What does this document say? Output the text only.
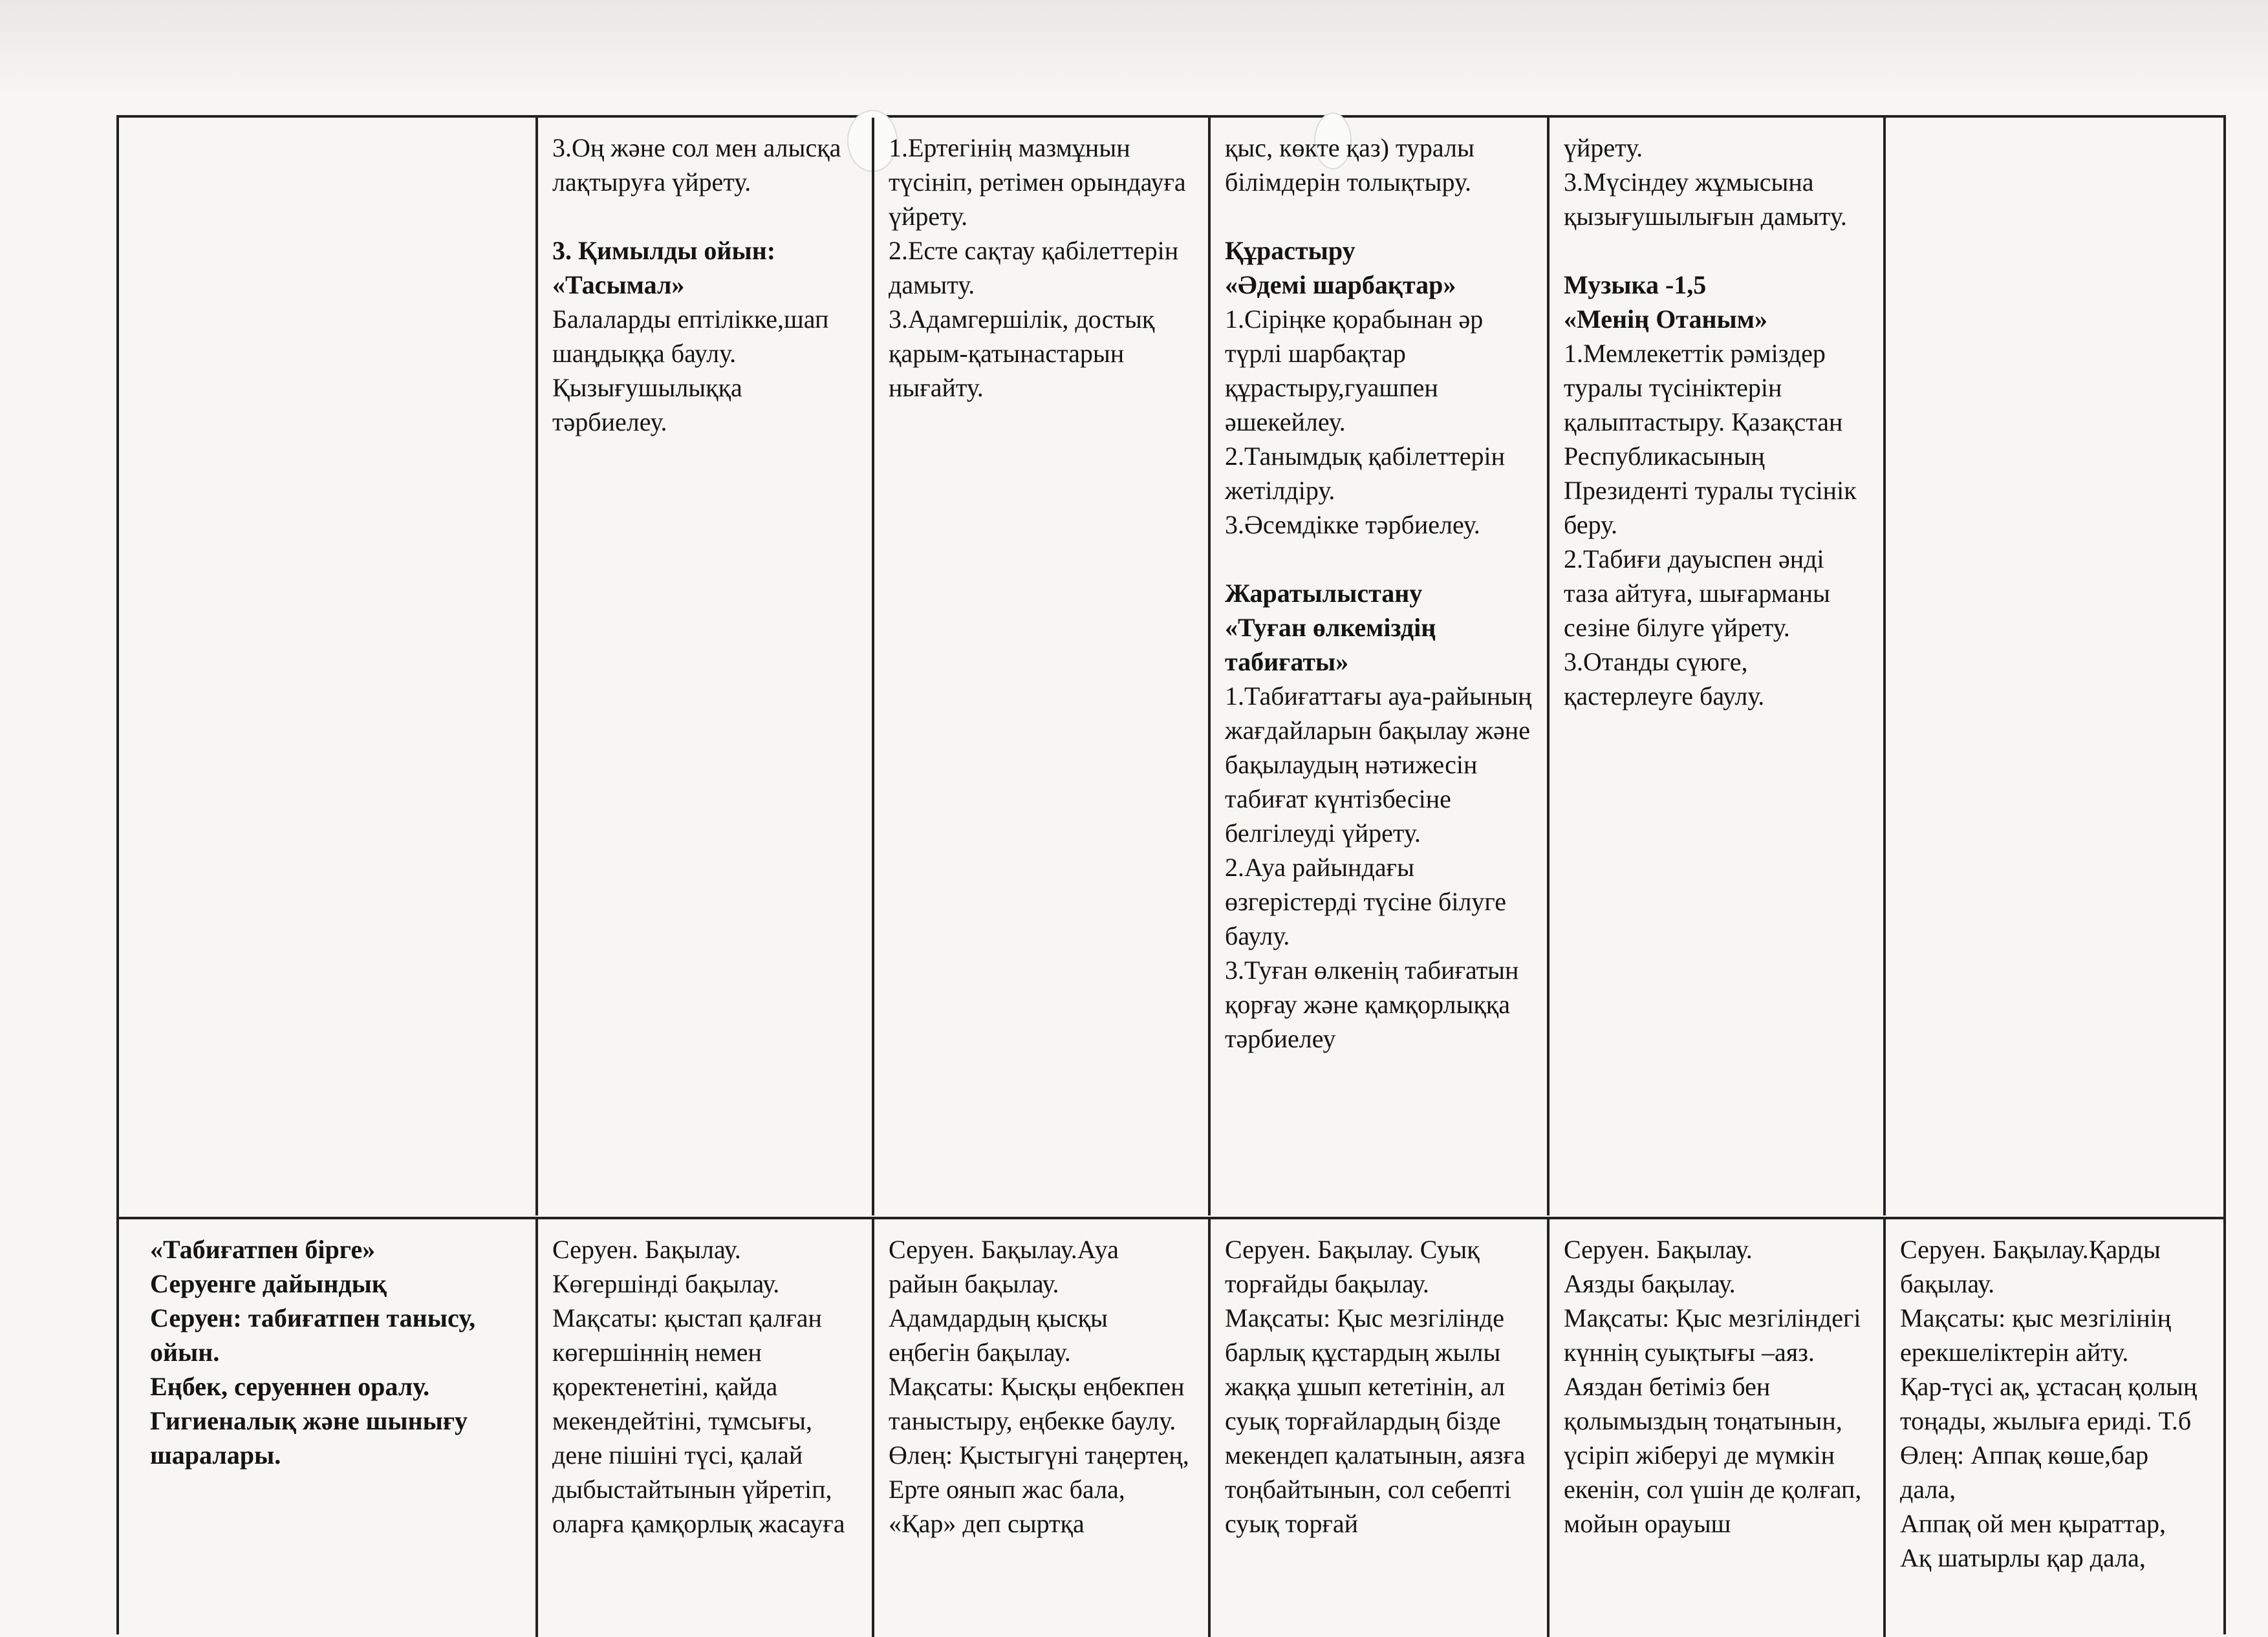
3.Оң және сол мен алысқа лақтыруға үйрету.

3. Қимылды ойын:
«Тасымал»

Балаларды ептілікке,шап шаңдыққа баулу. Қызығушылыққа тәрбиелеу.

1.Ертегінің мазмұнын түсініп, ретімен орындауға үйрету.
2.Есте сақтау қабілеттерін дамыту.
3.Адамгершілік, достық қарым-қатынастарын нығайту.

қыс, көкте қаз) туралы білімдерін толықтыру.

Құрастыру
«Әдемі шарбақтар»

1.Сіріңке қорабынан әр түрлі шарбақтар құрастыру,гуашпен әшекейлеу.
2.Танымдық қабілеттерін жетілдіру.
3.Әсемдікке тәрбиелеу.

Жаратылыстану
«Туған өлкеміздің табиғаты»

1.Табиғаттағы ауа-райының жағдайларын бақылау және бақылаудың нәтижесін табиғат күнтізбесіне белгілеуді үйрету.
2.Ауа райындағы өзгерістерді түсіне білуге баулу.
3.Туған өлкенің табиғатын қорғау және қамқорлыққа тәрбиелеу

үйрету.
3.Мүсіндеу жұмысына қызығушылығын дамыту.

Музыка -1,5
«Менің Отаным»

1.Мемлекеттік рәміздер туралы түсініктерін қалыптастыру. Қазақстан Республикасының Президенті туралы түсінік беру.
2.Табиғи дауыспен әнді таза айтуға, шығарманы сезіне білуге үйрету.
3.Отанды сүюге, қастерлеуге баулу.

«Табиғатпен бірге»
Серуенге дайындық
Серуен: табиғатпен танысу, ойын.
Еңбек, серуеннен оралу.
Гигиеналық және шынығу шаралары.

Серуен. Бақылау.
Көгершінді бақылау. Мақсаты: қыстап қалған көгершіннің немен қоректенетіні, қайда мекендейтіні, тұмсығы, дене пішіні түсі, қалай дыбыстайтынын үйретіп, оларға қамқорлық жасауға

Серуен. Бақылау.Ауа райын бақылау.
Адамдардың қысқы еңбегін бақылау.
Мақсаты: Қысқы еңбекпен таныстыру, еңбекке баулу.
Өлең: Қыстыгүні таңертең,
Ерте оянып жас бала,
«Қар» деп сыртқа

Серуен. Бақылау. Суық торғайды бақылау.
Мақсаты: Қыс мезгілінде барлық құстардың жылы жаққа ұшып кететінін, ал суық торғайлардың бізде мекендеп қалатынын, аязға тоңбайтынын, сол себепті суық торғай

Серуен. Бақылау.
Аязды бақылау.
Мақсаты: Қыс мезгіліндегі күннің суықтығы –аяз. Аяздан бетіміз бен қолымыздың тоңатынын, үсіріп жіберуі де мүмкін екенін, сол үшін де қолғап, мойын орауыш

Серуен. Бақылау.Қарды бақылау.
Мақсаты: қыс мезгілінің ерекшеліктерін айту.
Қар-түсі ақ, ұстасаң қолың тоңады, жылыға ериді. Т.б Өлең: Аппақ көше,бар дала,
Аппақ ой мен қыраттар,
Ақ шатырлы қар дала,
